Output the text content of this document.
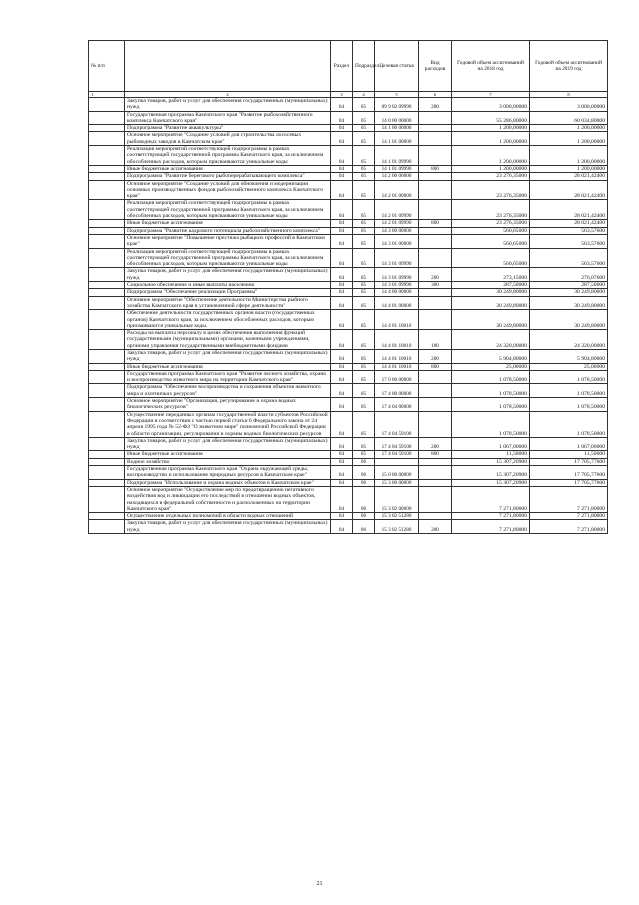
№ п/п		Раздел	Подраздел	Целевая статья	Вид расходов	Годовой объем ассигнований на 2018 год	Годовой объем ассигнований на 2019 год
1	2	3	4	5	6	7	8
	Закупка товаров, работ и услуг для обеспечения государственных (муниципальных) нужд	04	05	09 9 02 09990	200	3 000,00000	3 000,00000
	Государственная программа Камчатского края "Развитие рыбохозяйственного комплекса Камчатского края"	04	05	14 0 00 00000		55 286,80000	60 034,80000
	Подпрограмма "Развитие аквакультуры"	04	05	14 1 00 00000		1 200,00000	1 200,00000
	Основное мероприятие "Создание условий для строительства лососевых рыбоводных заводов в Камчатском крае"	04	05	14 1 01 00000		1 200,00000	1 200,00000
	Реализация мероприятий соответствующей подпрограммы в рамках соответствующей государственной программы Камчатского края, за исключением обособленных расходов, которым присваиваются уникальные коды	04	05	14 1 01 09990		1 200,00000	1 200,00000
	Иные бюджетные ассигнования	04	05	14 1 01 09990	800	1 200,00000	1 200,00000
	Подпрограмма "Развитие берегового рыбоперерабатывающего комплекса"	04	05	14 2 00 00000		23 276,35000	28 021,42400
	Основное мероприятие "Создание условий для обновления и модернизации основных производственных фондов рыбохозяйственного комплекса Камчатского края"	04	05	14 2 01 00000		23 276,35000	28 021,42400
	Реализация мероприятий соответствующей подпрограммы в рамках соответствующей государственной программы Камчатского края, за исключением обособленных расходов, которым присваиваются уникальные коды	04	05	14 2 01 09990		23 276,35000	28 021,42400
	Иные бюджетные ассигнования	04	05	14 2 01 09990	800	23 276,35000	28 021,42400
	Подпрограмма "Развитие кадрового потенциала рыбохозяйственного комплекса"	04	05	14 3 00 00000		560,65000	563,57600
	Основное мероприятие "Повышение престижа рыбацких профессий в Камчатском крае"	04	05	14 3 01 00000		560,65000	563,57600
	Реализация мероприятий соответствующей подпрограммы в рамках соответствующей государственной программы Камчатского края, за исключением обособленных расходов, которым присваиваются уникальные коды	04	05	14 3 01 09990		560,65000	563,57600
	Закупка товаров, работ и услуг для обеспечения государственных (муниципальных) нужд	04	05	14 3 01 09990	200	273,15000	276,07600
	Социальное обеспечение и иные выплаты населению	04	05	14 3 01 09990	300	287,50000	287,50000
	Подпрограмма "Обеспечение реализации Программы"	04	05	14 4 00 00000		30 249,80000	30 249,80000
	Основное мероприятие "Обеспечение деятельности Министерства рыбного хозяйства Камчатского края в установленной сфере деятельности"	04	05	14 4 01 00000		30 249,80000	30 249,80000
	Обеспечение деятельности государственных органов власти (государственных органов) Камчатского края, за исключением обособленных расходов, которым присваиваются уникальные коды.	04	05	14 4 01 10010		30 249,80000	30 249,80000
	Расходы на выплаты персоналу в целях обеспечения выполнения функций государственными (муниципальными) органами, казенными учреждениями, органами управления государственными внебюджетными фондами	04	05	14 4 01 10010	100	24 320,00000	24 320,00000
	Закупка товаров, работ и услуг для обеспечения государственных (муниципальных) нужд	04	05	14 4 01 10010	200	5 904,80000	5 904,80000
	Иные бюджетные ассигнования	04	05	14 4 01 10010	800	25,00000	25,00000
	Государственная программа Камчатского края "Развитие лесного хозяйства, охрана и воспроизводство животного мира на территории Камчатского края"	04	05	17 0 00 00000		1 078,50000	1 078,50000
	Подпрограмма "Обеспечение воспроизводства и сохранения объектов животного мира и охотничьих ресурсов"	04	05	17 4 00 00000		1 078,50000	1 078,50000
	Основное мероприятие "Организация, регулирование и охрана водных биологических ресурсов"	04	05	17 4 04 00000		1 078,50000	1 078,50000
	Осуществление переданных органам государственной власти субъектов Российской Федерации в соответствии с частью первой статьи 6 Федерального закона от 24 апреля 1995 года № 52-ФЗ "О животном мире" полномочий Российской Федерации в области организации, регулирования и охраны водных биологических ресурсов	04	05	17 4 04 59100		1 078,50000	1 078,50000
	Закупка товаров, работ и услуг для обеспечения государственных (муниципальных) нужд	04	05	17 4 04 59100	200	1 067,00000	1 067,00000
	Иные бюджетные ассигнования	04	05	17 4 04 59100	800	11,50000	11,50000
	Водное хозяйство	04	06			15 307,20900	17 705,77600
	Государственная программа Камчатского края "Охрана окружающей среды, воспроизводство и использование природных ресурсов в Камчатском крае"	04	06	15 0 00 00000		15 307,20900	17 705,77600
	Подпрограмма "Использование и охрана водных объектов в Камчатском крае"	04	06	15 3 00 00000		15 307,20900	17 705,77600
	Основное мероприятие "Осуществление мер по предотвращению негативного воздействия вод и ликвидации его последствий в отношении водных объектов, находящихся в федеральной собственности и расположенных на территории Камчатского края"	04	06	15 3 02 00000		7 271,80000	7 271,80000
	Осуществление отдельных полномочий в области водных отношений	04	06	15 3 02 51280		7 271,80000	7 271,80000
	Закупка товаров, работ и услуг для обеспечения государственных (муниципальных) нужд	04	06	15 3 02 51280	200	7 271,80000	7 271,80000
21
